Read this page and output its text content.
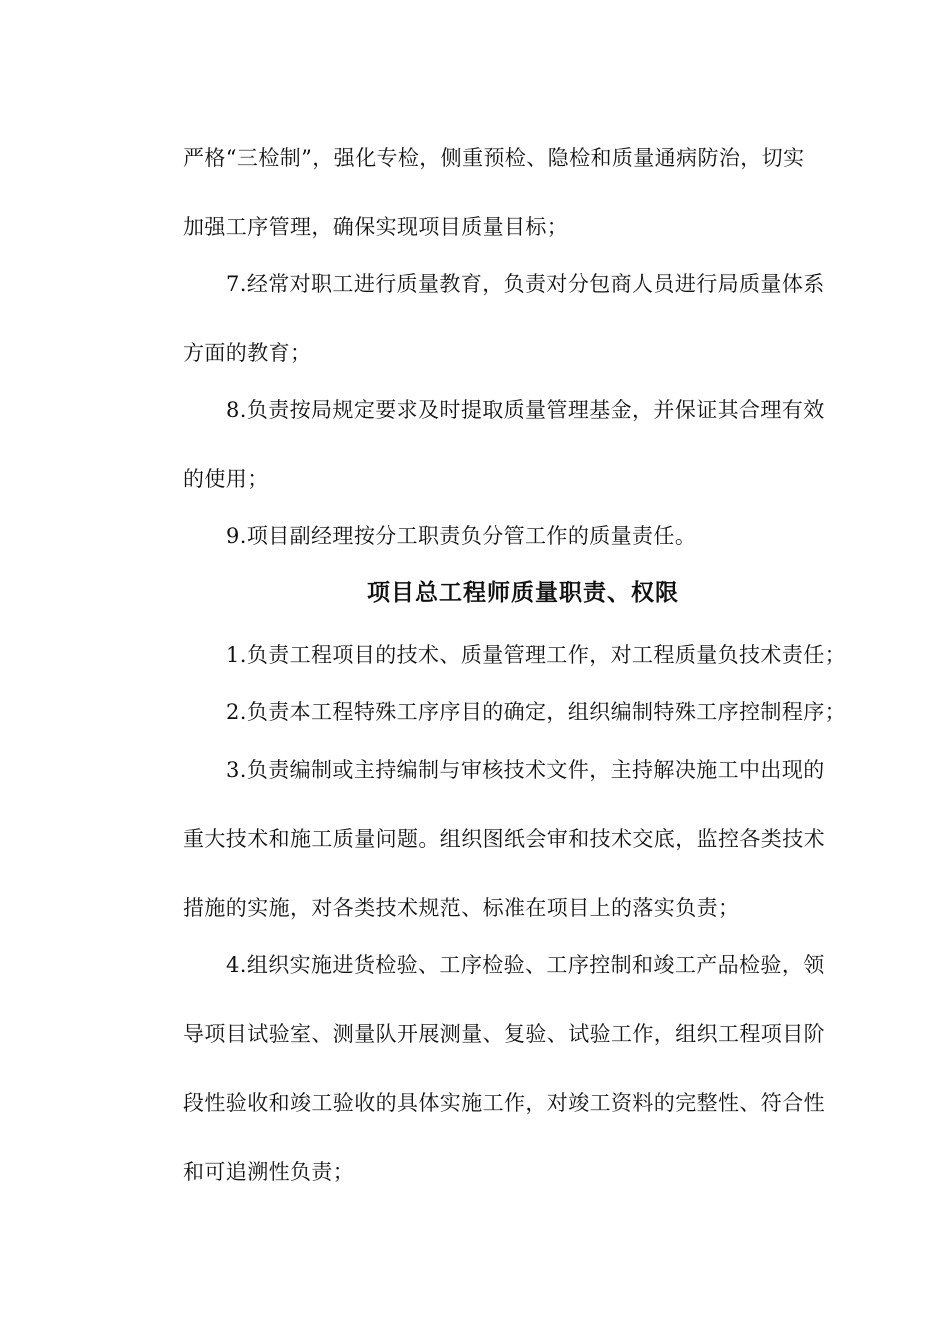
严格“三检制”，强化专检，侧重预检、隐检和质量通病防治，切实
加强工序管理，确保实现项目质量目标；
7.经常对职工进行质量教育，负责对分包商人员进行局质量体系
方面的教育；
8.负责按局规定要求及时提取质量管理基金，并保证其合理有效
的使用；
9.项目副经理按分工职责负分管工作的质量责任。
项目总工程师质量职责、权限
1.负责工程项目的技术、质量管理工作，对工程质量负技术责任；
2.负责本工程特殊工序序目的确定，组织编制特殊工序控制程序；
3.负责编制或主持编制与审核技术文件，主持解决施工中出现的
重大技术和施工质量问题。组织图纸会审和技术交底，监控各类技术
措施的实施，对各类技术规范、标准在项目上的落实负责；
4.组织实施进货检验、工序检验、工序控制和竣工产品检验，领
导项目试验室、测量队开展测量、复验、试验工作，组织工程项目阶
段性验收和竣工验收的具体实施工作，对竣工资料的完整性、符合性
和可追溯性负责；
